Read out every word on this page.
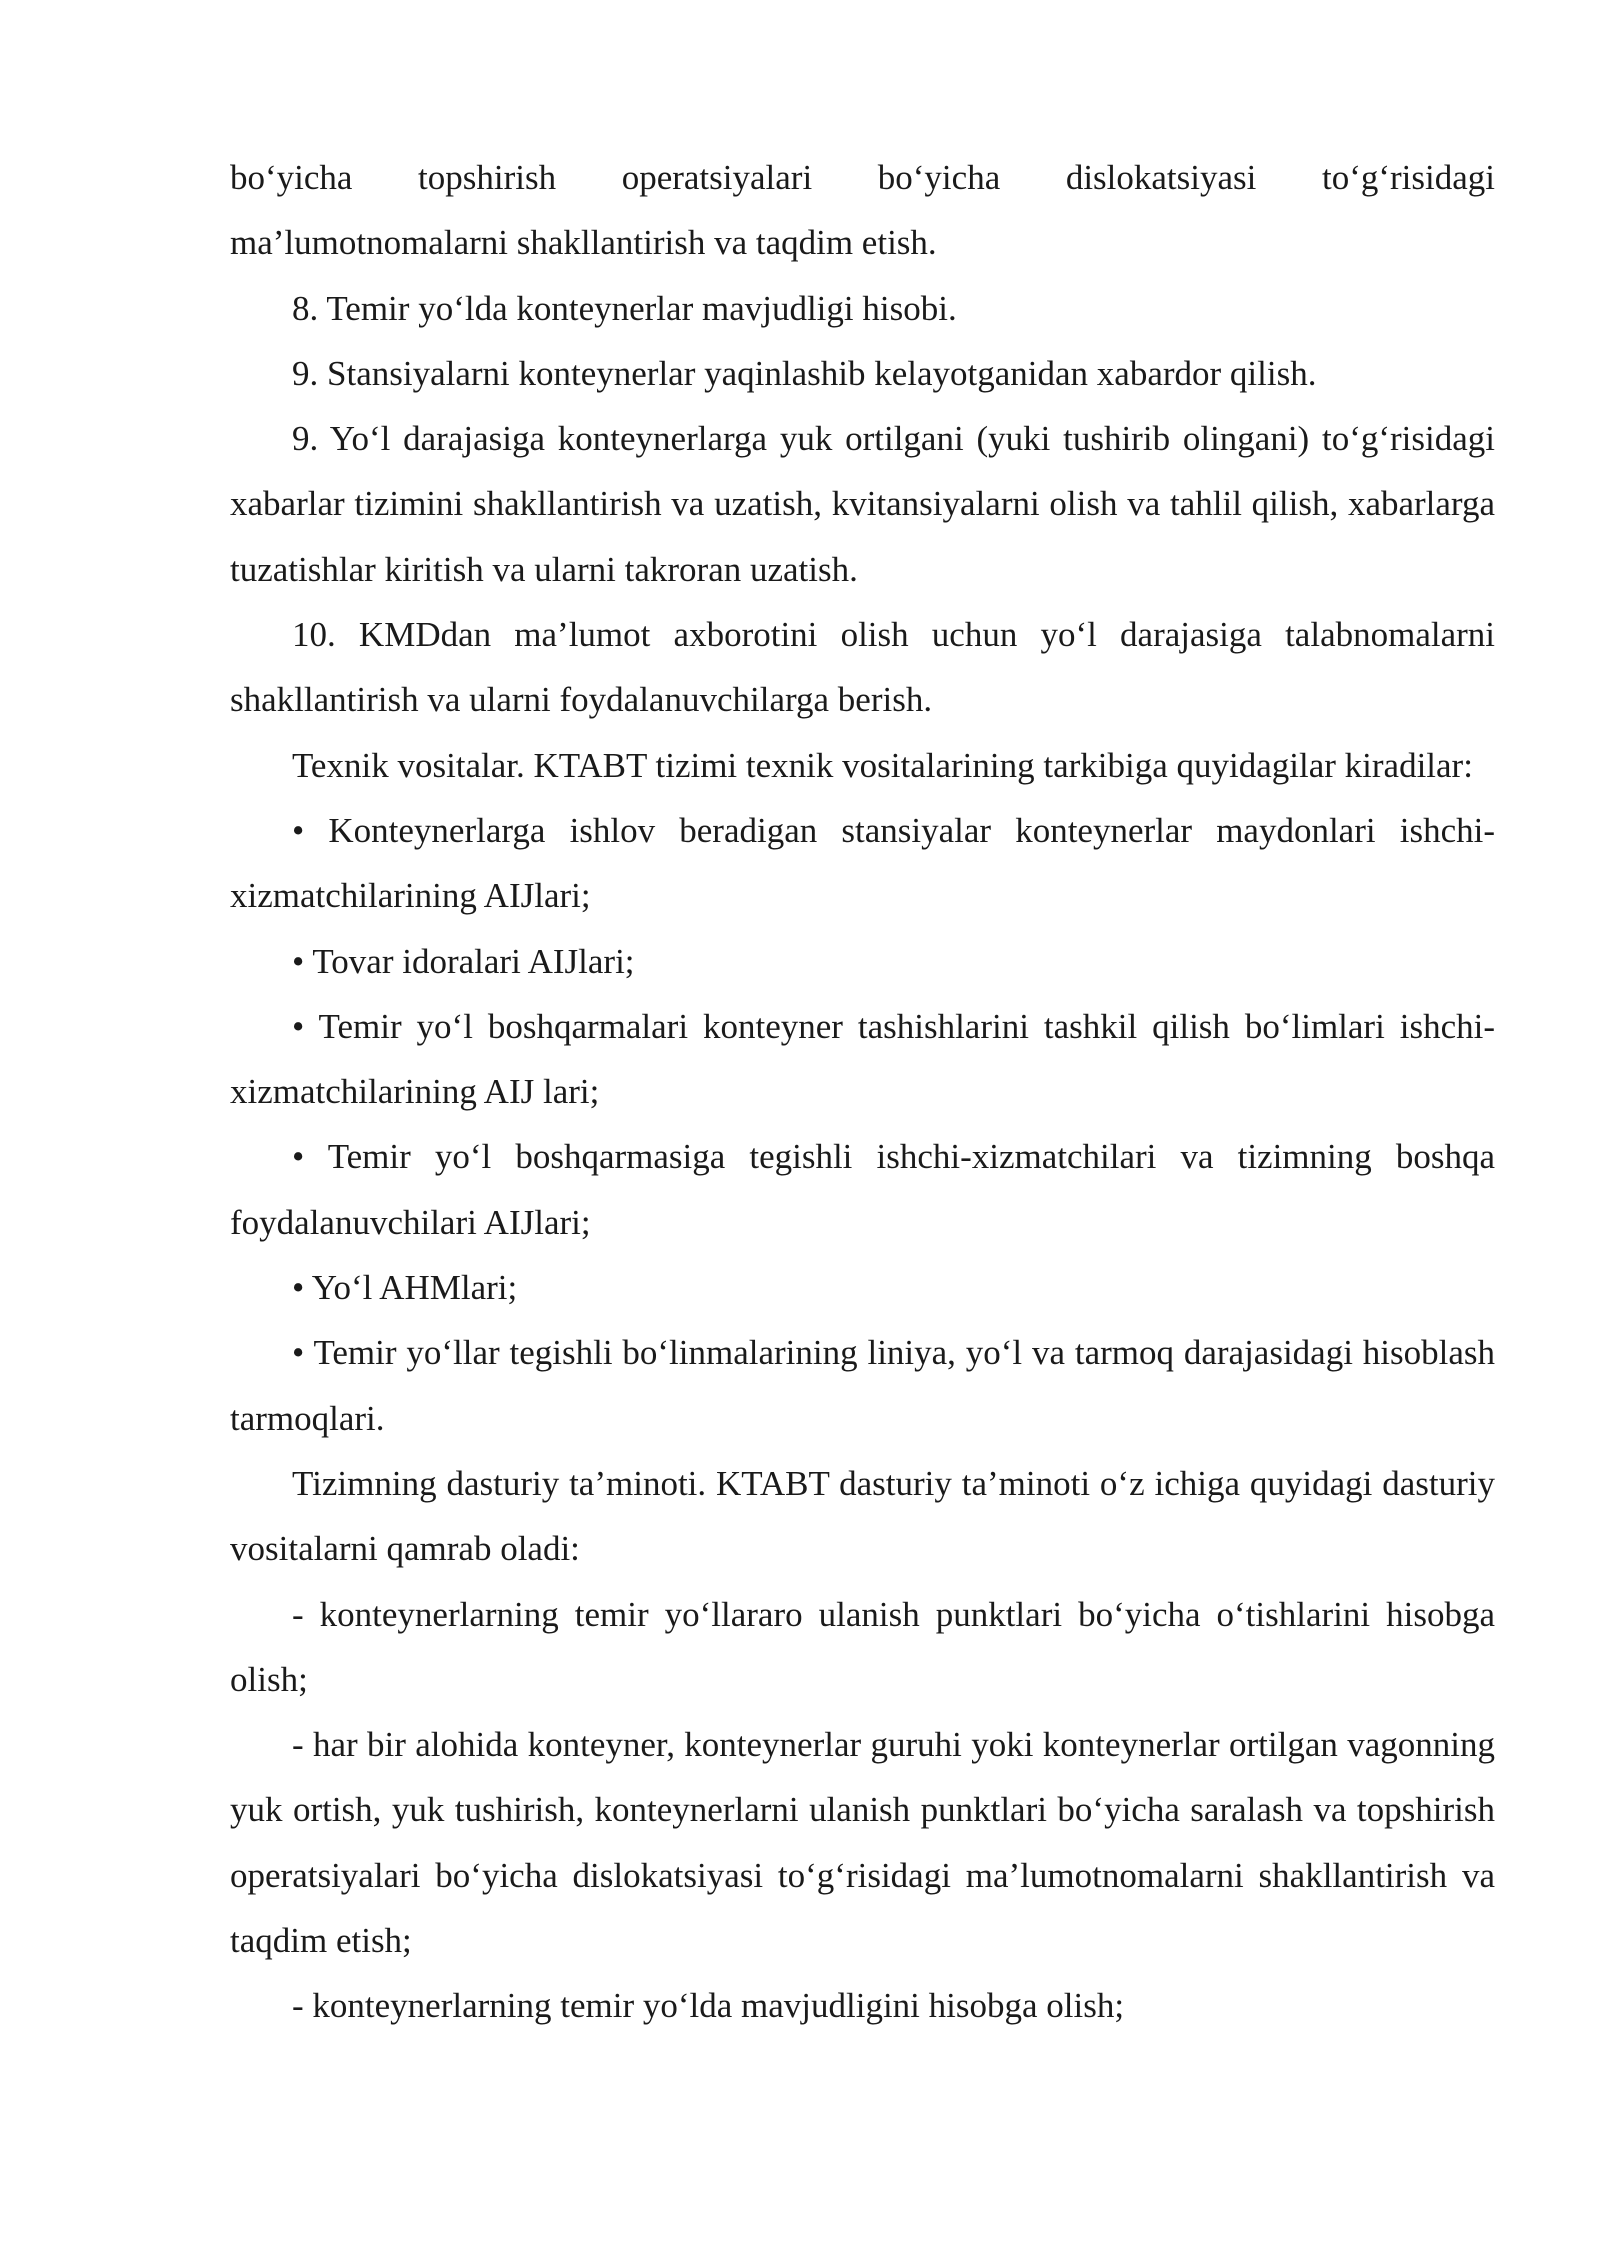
bo‘yicha topshirish operatsiyalari bo‘yicha dislokatsiyasi to‘g‘risidagi ma’lumotnomalarni shakllantirish va taqdim etish.

8. Temir yo‘lda konteynerlar mavjudligi hisobi.

9. Stansiyalarni konteynerlar yaqinlashib kelayotganidan xabardor qilish.

9. Yo‘l darajasiga konteynerlarga yuk ortilgani (yuki tushirib olingani) to‘g‘risidagi xabarlar tizimini shakllantirish va uzatish, kvitansiyalarni olish va tahlil qilish, xabarlarga tuzatishlar kiritish va ularni takroran uzatish.

10. KMDdan ma’lumot axborotini olish uchun yo‘l darajasiga talabnomalarni shakllantirish va ularni foydalanuvchilarga berish.

Texnik vositalar. KTABT tizimi texnik vositalarining tarkibiga quyidagilar kiradilar:

• Konteynerlarga ishlov beradigan stansiyalar konteynerlar maydonlari ishchi-xizmatchilarining AIJlari;

• Tovar idoralari AIJlari;

• Temir yo‘l boshqarmalari konteyner tashishlarini tashkil qilish bo‘limlari ishchi-xizmatchilarining AIJ lari;

• Temir yo‘l boshqarmasiga tegishli ishchi-xizmatchilari va tizimning boshqa foydalanuvchilari AIJlari;

• Yo‘l AHMlari;

• Temir yo‘llar tegishli bo‘linmalarining liniya, yo‘l va tarmoq darajasidagi hisoblash tarmoqlari.

Tizimning dasturiy ta’minoti. KTABT dasturiy ta’minoti o‘z ichiga quyidagi dasturiy vositalarni qamrab oladi:

- konteynerlarning temir yo‘llararo ulanish punktlari bo‘yicha o‘tishlarini hisobga olish;

- har bir alohida konteyner, konteynerlar guruhi yoki konteynerlar ortilgan vagonning yuk ortish, yuk tushirish, konteynerlarni ulanish punktlari bo‘yicha saralash va topshirish operatsiyalari bo‘yicha dislokatsiyasi to‘g‘risidagi ma’lumotnomalarni shakllantirish va taqdim etish;

- konteynerlarning temir yo‘lda mavjudligini hisobga olish;
